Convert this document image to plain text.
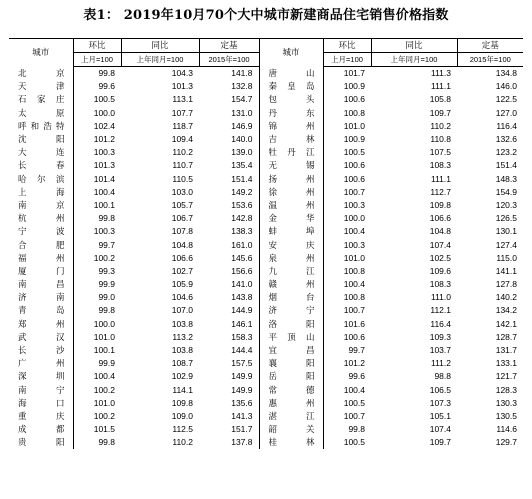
表1： 2019年10月70个大中城市新建商品住宅销售价格指数
城市	环比	同比	定基	城市	环比	同比	定基
	上月=100	上年同月=100	2015年=100		上月=100	上年同月=100	2015年=100
北京	99.8	104.3	141.8	唐山	101.7	111.3	134.8
天津	99.6	101.3	132.8	秦皇岛	100.9	111.1	146.0
石家庄	100.5	113.1	154.7	包头	100.6	105.8	122.5
太原	100.0	107.7	131.0	丹东	100.8	109.7	127.0
呼和浩特	102.4	118.7	146.9	锦州	101.0	110.2	116.4
沈阳	101.2	109.4	140.0	吉林	100.9	110.8	132.6
大连	100.3	110.2	139.0	牡丹江	100.5	107.5	123.2
长春	101.3	110.7	135.4	无锡	100.6	108.3	151.4
哈尔滨	101.4	110.5	151.4	扬州	100.6	111.1	148.3
上海	100.4	103.0	149.2	徐州	100.7	112.7	154.9
南京	100.1	105.7	153.6	温州	100.3	109.8	120.3
杭州	99.8	106.7	142.8	金华	100.0	106.6	126.5
宁波	100.3	107.8	138.3	蚌埠	100.4	104.8	130.1
合肥	99.7	104.8	161.0	安庆	100.3	107.4	127.4
福州	100.2	106.6	145.6	泉州	101.0	102.5	115.0
厦门	99.3	102.7	156.6	九江	100.8	109.6	141.1
南昌	99.9	105.9	141.0	赣州	100.4	108.3	127.8
济南	99.0	104.6	143.8	烟台	100.8	111.0	140.2
青岛	99.8	107.0	144.9	济宁	100.7	112.1	134.2
郑州	100.0	103.8	146.1	洛阳	101.6	116.4	142.1
武汉	101.0	113.2	158.3	平顶山	100.6	109.3	128.7
长沙	100.1	103.8	144.4	宜昌	99.7	103.7	131.7
广州	99.9	108.7	157.5	襄阳	101.2	111.2	133.1
深圳	100.4	102.9	149.9	岳阳	99.6	98.8	121.7
南宁	100.2	114.1	149.9	常德	100.4	106.5	128.3
海口	101.0	109.8	135.6	惠州	100.5	107.3	130.3
重庆	100.2	109.0	141.3	湛江	100.7	105.1	130.5
成都	101.5	112.5	151.7	韶关	99.8	107.4	114.6
贵阳	99.8	110.2	137.8	桂林	100.5	109.7	129.7
